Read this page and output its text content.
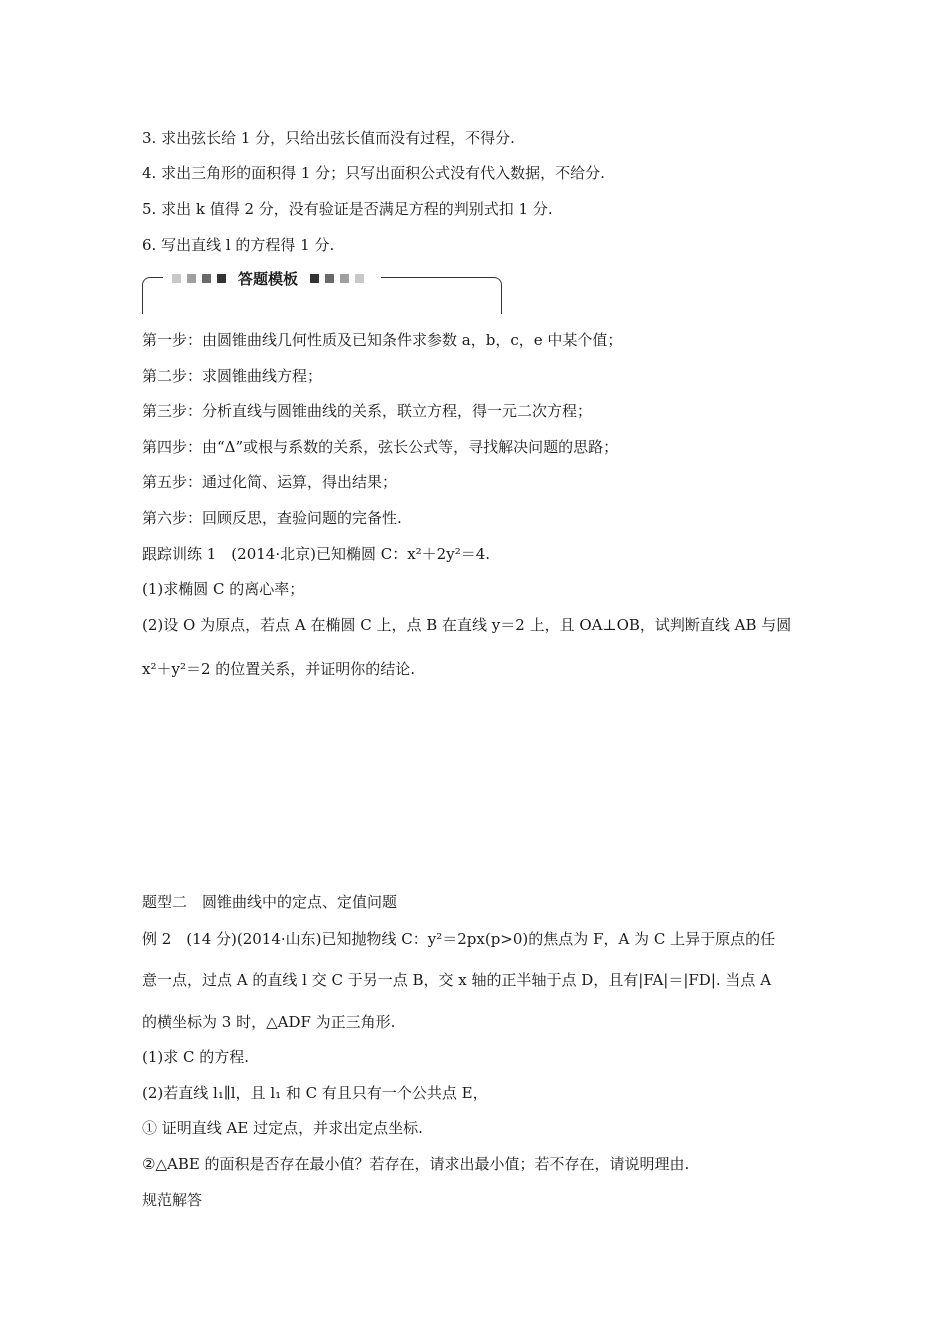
3. 求出弦长给 1 分，只给出弦长值而没有过程，不得分.
4. 求出三角形的面积得 1 分；只写出面积公式没有代入数据，不给分.
5. 求出 k 值得 2 分，没有验证是否满足方程的判别式扣 1 分.
6. 写出直线 l 的方程得 1 分.
答题模板
第一步：由圆锥曲线几何性质及已知条件求参数 a，b，c，e 中某个值；
第二步：求圆锥曲线方程；
第三步：分析直线与圆锥曲线的关系，联立方程，得一元二次方程；
第四步：由“Δ”或根与系数的关系，弦长公式等，寻找解决问题的思路；
第五步：通过化简、运算，得出结果；
第六步：回顾反思，查验问题的完备性.
跟踪训练 1　(2014·北京)已知椭圆 C：x²＋2y²＝4.
(1)求椭圆 C 的离心率；
(2)设 O 为原点，若点 A 在椭圆 C 上，点 B 在直线 y＝2 上，且 OA⊥OB，试判断直线 AB 与圆
x²＋y²＝2 的位置关系，并证明你的结论.
题型二　圆锥曲线中的定点、定值问题
例 2　(14 分)(2014·山东)已知抛物线 C：y²＝2px(p>0)的焦点为 F，A 为 C 上异于原点的任
意一点，过点 A 的直线 l 交 C 于另一点 B，交 x 轴的正半轴于点 D，且有|FA|＝|FD|. 当点 A
的横坐标为 3 时，△ADF 为正三角形.
(1)求 C 的方程.
(2)若直线 l₁∥l，且 l₁ 和 C 有且只有一个公共点 E，
① 证明直线 AE 过定点，并求出定点坐标.
②△ABE 的面积是否存在最小值？若存在，请求出最小值；若不存在，请说明理由.
规范解答
